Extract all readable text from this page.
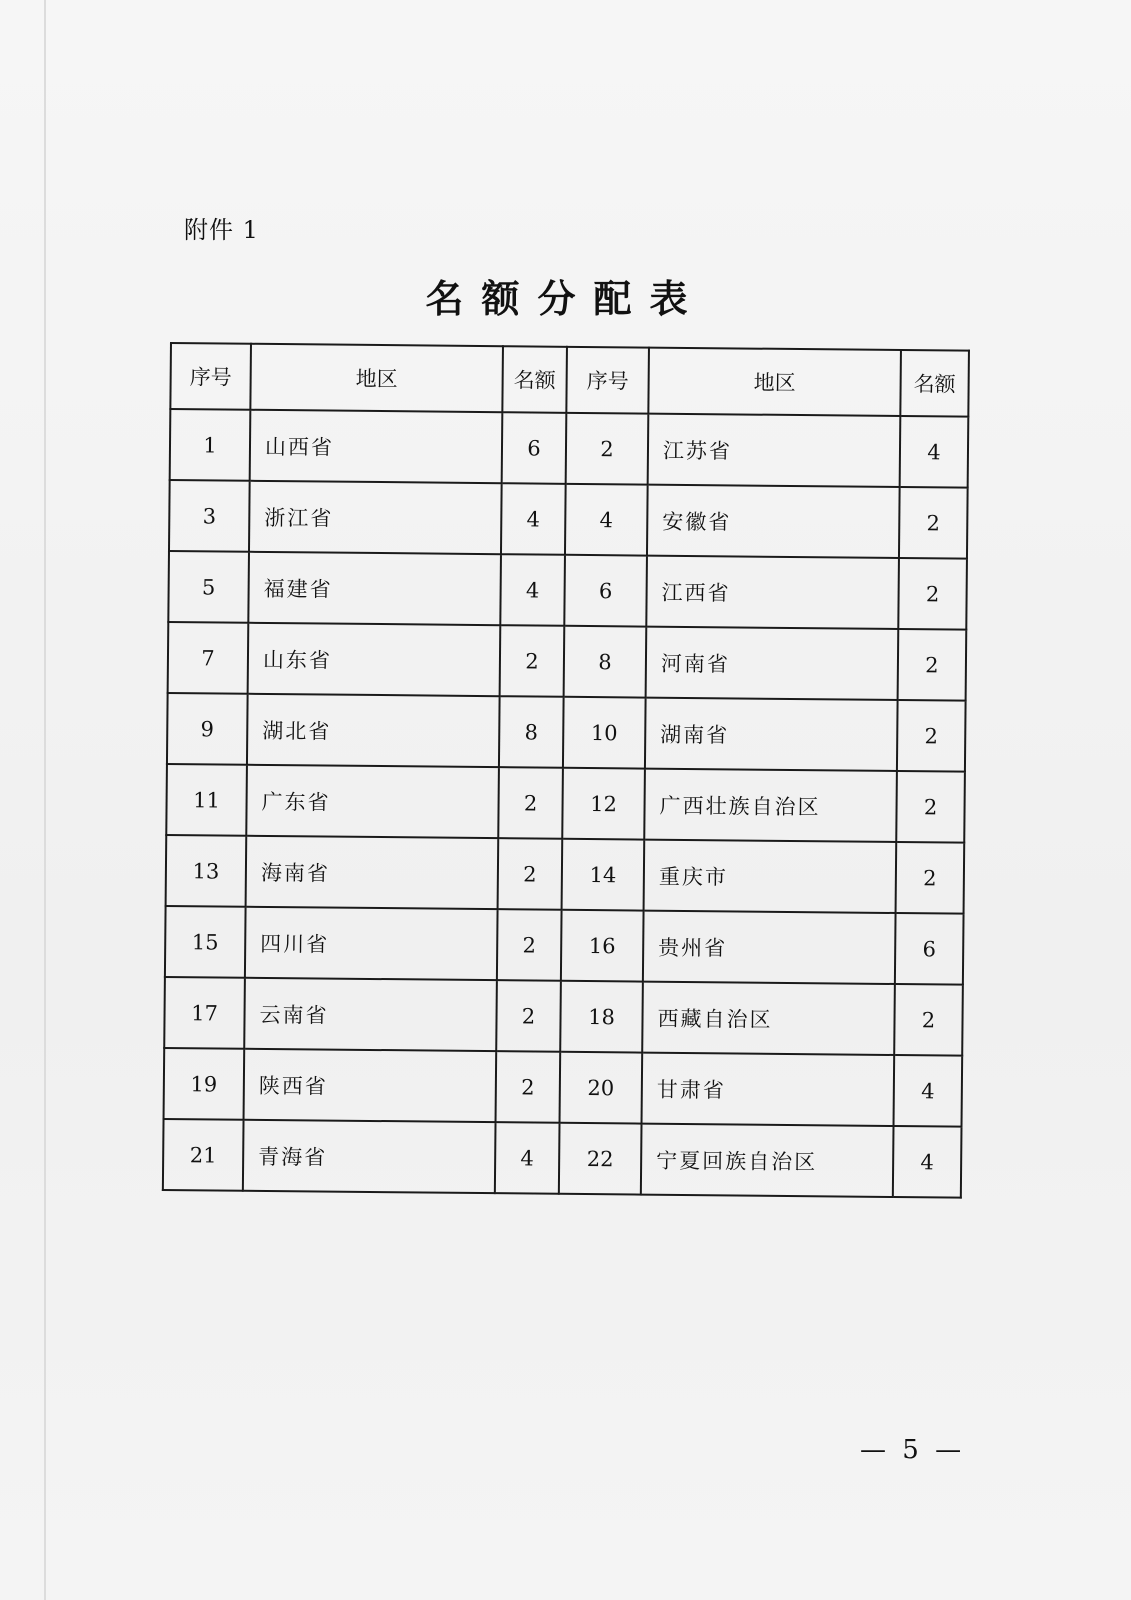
附件 1
名额分配表
序号	地区	名额	序号	地区	名额
1	山西省	6	2	江苏省	4
3	浙江省	4	4	安徽省	2
5	福建省	4	6	江西省	2
7	山东省	2	8	河南省	2
9	湖北省	8	10	湖南省	2
11	广东省	2	12	广西壮族自治区	2
13	海南省	2	14	重庆市	2
15	四川省	2	16	贵州省	6
17	云南省	2	18	西藏自治区	2
19	陕西省	2	20	甘肃省	4
21	青海省	4	22	宁夏回族自治区	4
— 5 —
